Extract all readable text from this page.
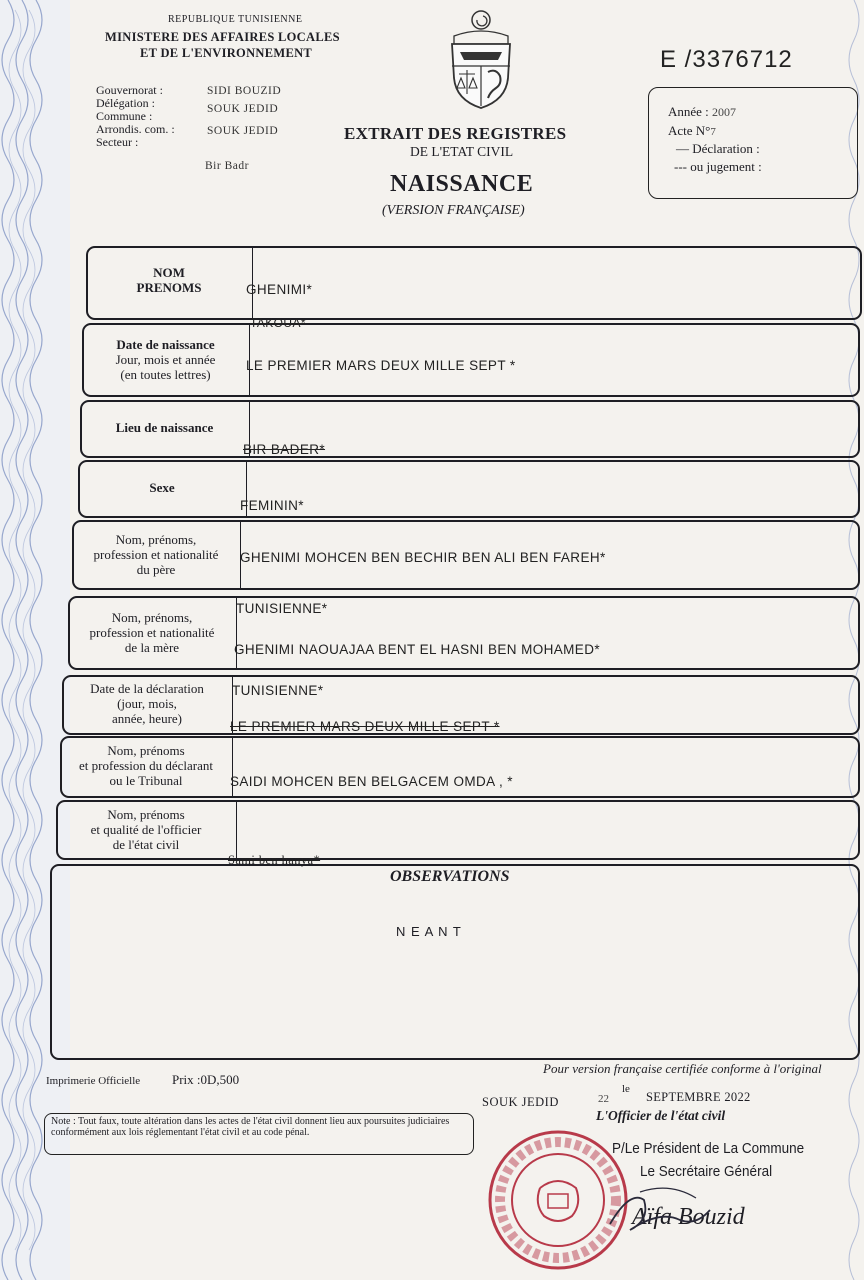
REPUBLIQUE TUNISIENNE
MINISTERE DES AFFAIRES LOCALES
ET DE L'ENVIRONNEMENT
Gouvernorat :
Délégation :
Commune :
Arrondis. com. :
Secteur :
SIDI BOUZID
SOUK JEDID
SOUK JEDID
Bir Badr
E /3376712
Année : 2007
Acte N°7
— Déclaration :
--- ou jugement :
EXTRAIT DES REGISTRES
DE L'ETAT CIVIL
NAISSANCE
(VERSION FRANÇAISE)
NOM
PRENOMS
Date de naissance
Jour, mois et année
(en toutes lettres)
Lieu de naissance
Sexe
Nom, prénoms,
profession et nationalité
du père
Nom, prénoms,
profession et nationalité
de la mère
Date de la déclaration
(jour, mois,
année, heure)
Nom, prénoms
et profession du déclarant
ou le Tribunal
Nom, prénoms
et qualité de l'officier
de l'état civil
GHENIMI*
TAKOUA*
LE PREMIER MARS DEUX MILLE SEPT *
BIR BADER*
FEMININ*
GHENIMI MOHCEN BEN BECHIR BEN ALI BEN FAREH*
TUNISIENNE*
GHENIMI NAOUAJAA BENT EL HASNI BEN MOHAMED*
TUNISIENNE*
LE PREMIER MARS DEUX MILLE SEPT *
SAIDI MOHCEN BEN BELGACEM OMDA , *
Sami ben hanya*
OBSERVATIONS
N E A N T
Imprimerie Officielle Prix :0D,500
Pour version française certifiée conforme à l'original
SOUK JEDID
le
22	SEPTEMBRE 2022
L'Officier de l'état civil
Note : Tout faux, toute altération dans les actes de l'état civil donnent lieu aux poursuites judiciaires conformément aux lois réglementant l'état civil et au code pénal.
P/Le Président de La Commune
Le Secrétaire Général
Aïfa Bouzid
